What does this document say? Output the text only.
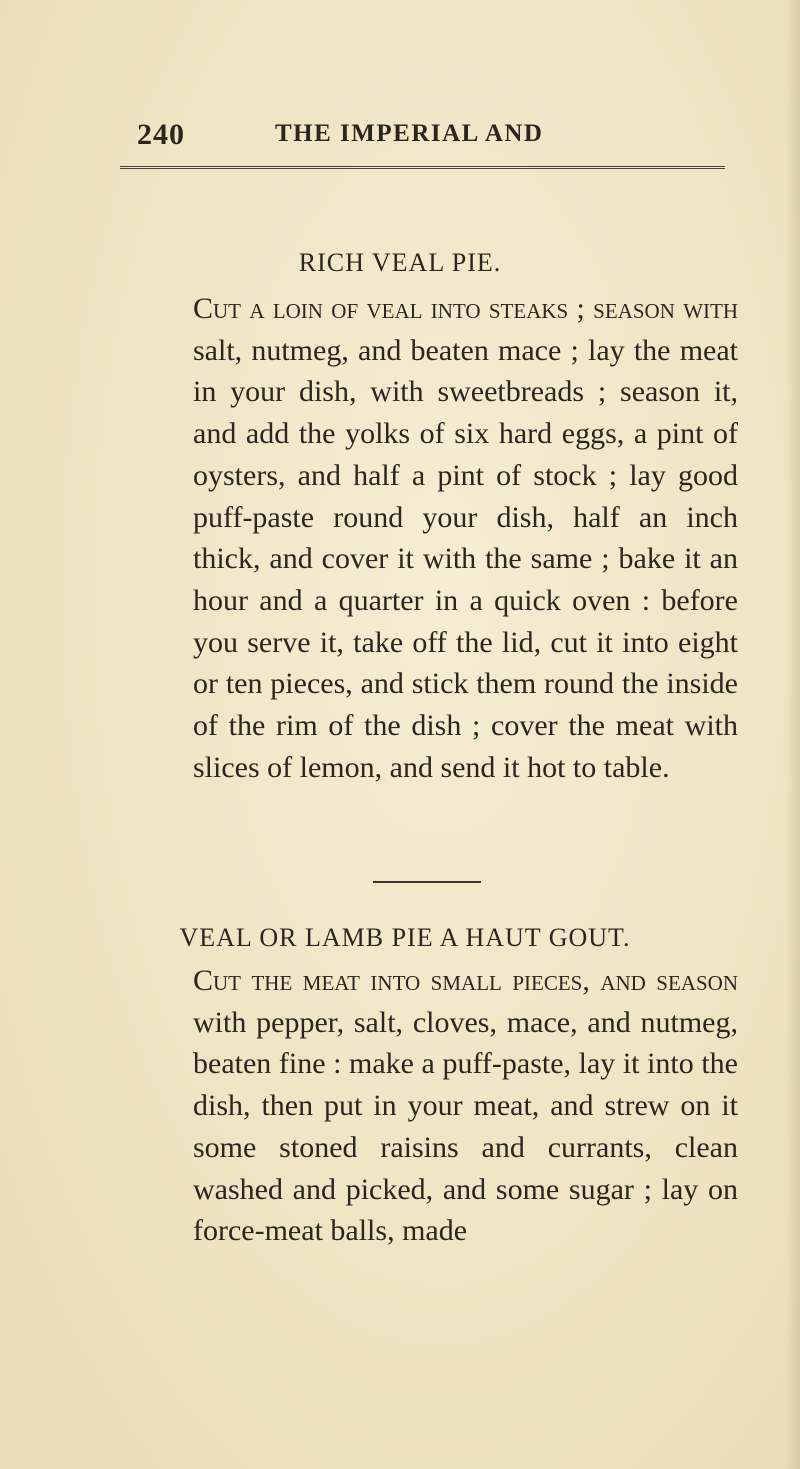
240	THE IMPERIAL AND
RICH VEAL PIE.

Cut a loin of veal into steaks ; season with salt, nutmeg, and beaten mace ; lay the meat in your dish, with sweetbreads ; season it, and add the yolks of six hard eggs, a pint of oysters, and half a pint of stock ; lay good puff-paste round your dish, half an inch thick, and cover it with the same ; bake it an hour and a quarter in a quick oven : before you serve it, take off the lid, cut it into eight or ten pieces, and stick them round the inside of the rim of the dish ; cover the meat with slices of lemon, and send it hot to table.

VEAL OR LAMB PIE A HAUT GOUT.

Cut the meat into small pieces, and season with pepper, salt, cloves, mace, and nutmeg, beaten fine : make a puff-paste, lay it into the dish, then put in your meat, and strew on it some stoned raisins and currants, clean washed and picked, and some sugar ; lay on force-meat balls, made
